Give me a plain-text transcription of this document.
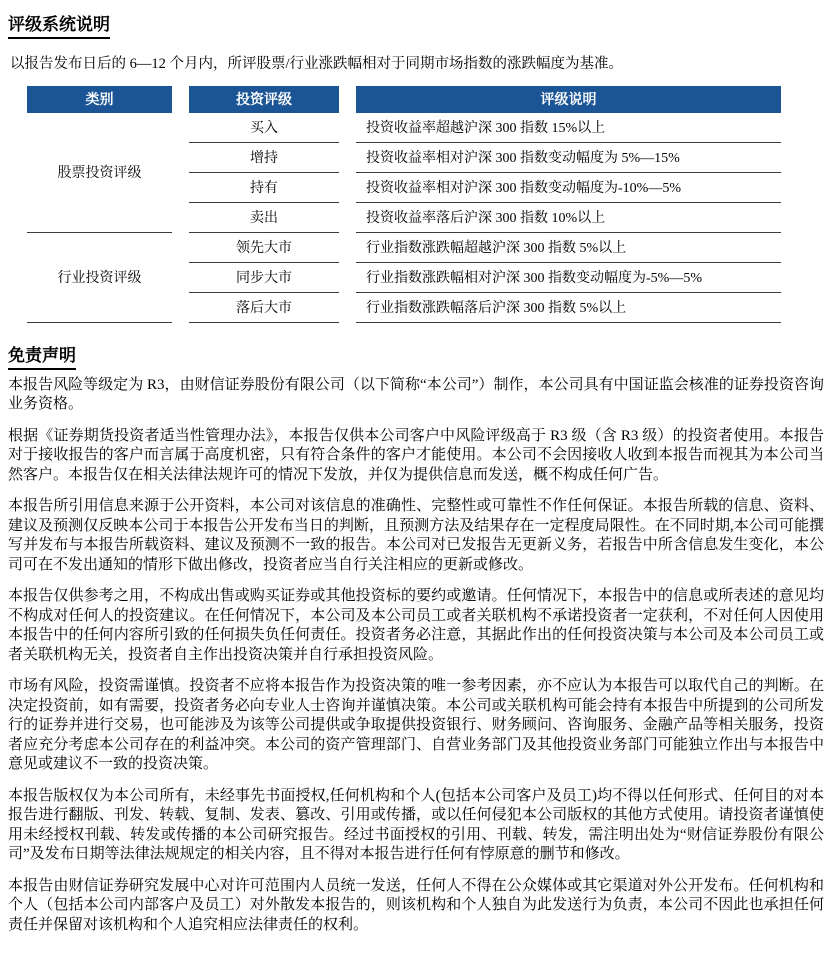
评级系统说明

以报告发布日后的 6—12 个月内，所评股票/行业涨跌幅相对于同期市场指数的涨跌幅度为基准。

类别	投资评级	评级说明
股票投资评级	买入	投资收益率超越沪深 300 指数 15%以上
	增持	投资收益率相对沪深 300 指数变动幅度为 5%—15%
	持有	投资收益率相对沪深 300 指数变动幅度为-10%—5%
	卖出	投资收益率落后沪深 300 指数 10%以上
行业投资评级	领先大市	行业指数涨跌幅超越沪深 300 指数 5%以上
	同步大市	行业指数涨跌幅相对沪深 300 指数变动幅度为-5%—5%
	落后大市	行业指数涨跌幅落后沪深 300 指数 5%以上
免责声明

本报告风险等级定为 R3，由财信证券股份有限公司（以下简称“本公司”）制作，本公司具有中国证监会核准的证券投资咨询业务资格。

根据《证券期货投资者适当性管理办法》，本报告仅供本公司客户中风险评级高于 R3 级（含 R3 级）的投资者使用。本报告对于接收报告的客户而言属于高度机密，只有符合条件的客户才能使用。本公司不会因接收人收到本报告而视其为本公司当然客户。本报告仅在相关法律法规许可的情况下发放，并仅为提供信息而发送，概不构成任何广告。

本报告所引用信息来源于公开资料，本公司对该信息的准确性、完整性或可靠性不作任何保证。本报告所载的信息、资料、建议及预测仅反映本公司于本报告公开发布当日的判断，且预测方法及结果存在一定程度局限性。在不同时期,本公司可能撰写并发布与本报告所载资料、建议及预测不一致的报告。本公司对已发报告无更新义务，若报告中所含信息发生变化，本公司可在不发出通知的情形下做出修改，投资者应当自行关注相应的更新或修改。

本报告仅供参考之用，不构成出售或购买证券或其他投资标的要约或邀请。任何情况下，本报告中的信息或所表述的意见均不构成对任何人的投资建议。在任何情况下，本公司及本公司员工或者关联机构不承诺投资者一定获利，不对任何人因使用本报告中的任何内容所引致的任何损失负任何责任。投资者务必注意，其据此作出的任何投资决策与本公司及本公司员工或者关联机构无关，投资者自主作出投资决策并自行承担投资风险。

市场有风险，投资需谨慎。投资者不应将本报告作为投资决策的唯一参考因素，亦不应认为本报告可以取代自己的判断。在决定投资前，如有需要，投资者务必向专业人士咨询并谨慎决策。本公司或关联机构可能会持有本报告中所提到的公司所发行的证券并进行交易，也可能涉及为该等公司提供或争取提供投资银行、财务顾问、咨询服务、金融产品等相关服务，投资者应充分考虑本公司存在的利益冲突。本公司的资产管理部门、自营业务部门及其他投资业务部门可能独立作出与本报告中意见或建议不一致的投资决策。

本报告版权仅为本公司所有，未经事先书面授权,任何机构和个人(包括本公司客户及员工)均不得以任何形式、任何目的对本报告进行翻版、刊发、转载、复制、发表、篡改、引用或传播，或以任何侵犯本公司版权的其他方式使用。请投资者谨慎使用未经授权刊载、转发或传播的本公司研究报告。经过书面授权的引用、刊载、转发，需注明出处为“财信证券股份有限公司”及发布日期等法律法规规定的相关内容，且不得对本报告进行任何有悖原意的删节和修改。

本报告由财信证券研究发展中心对许可范围内人员统一发送，任何人不得在公众媒体或其它渠道对外公开发布。任何机构和个人（包括本公司内部客户及员工）对外散发本报告的，则该机构和个人独自为此发送行为负责，本公司不因此也承担任何责任并保留对该机构和个人追究相应法律责任的权利。
